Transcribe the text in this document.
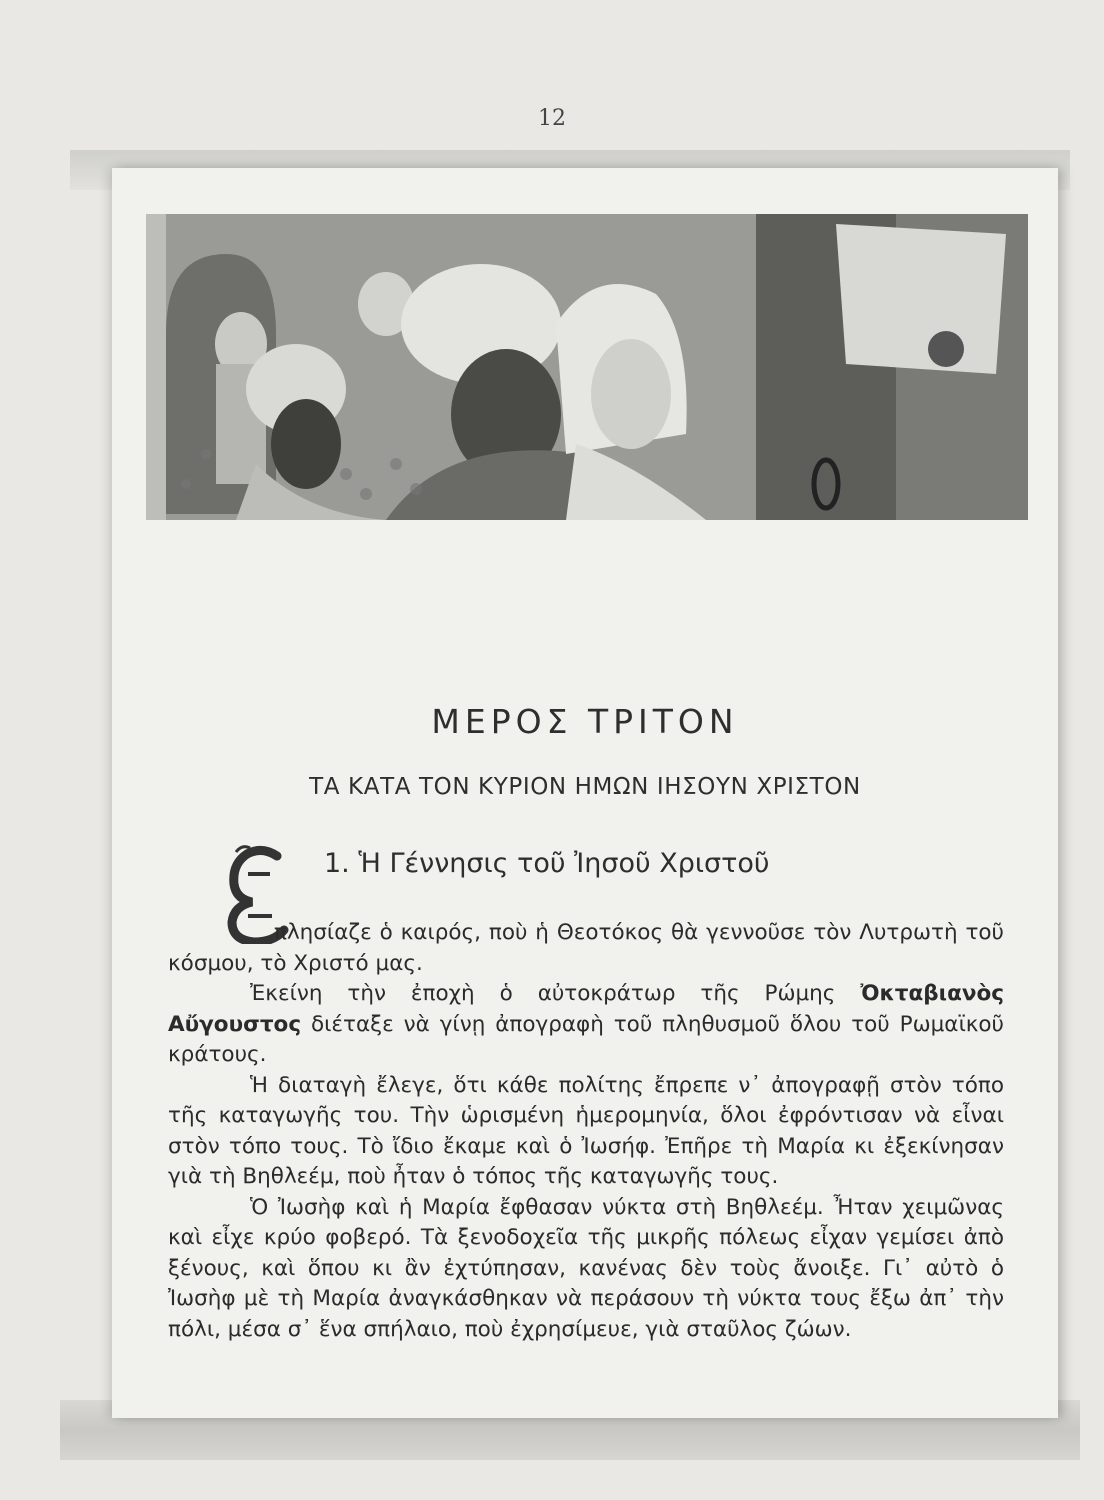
12
ΜΕΡΟΣ ΤΡΙΤΟΝ
ΤΑ ΚΑΤΑ ΤΟΝ ΚΥΡΙΟΝ ΗΜΩΝ ΙΗΣΟΥΝ ΧΡΙΣΤΟΝ
1. Ἡ Γέννησις τοῦ Ἰησοῦ Χριστοῦ

πλησίαζε ὁ καιρός, ποὺ ἡ Θεοτόκος θὰ γεννοῦσε τὸν Λυτρωτὴ τοῦ κόσμου, τὸ Χριστό μας.

Ἐκείνη τὴν ἐποχὴ ὁ αὐτοκράτωρ τῆς Ρώμης Ὀκταβιανὸς Αὔγουστος διέταξε νὰ γίνῃ ἀπογραφὴ τοῦ πληθυσμοῦ ὅλου τοῦ Ρωμαϊκοῦ κράτους.

Ἡ διαταγὴ ἔλεγε, ὅτι κάθε πολίτης ἔπρεπε ν᾽ ἀπογραφῇ στὸν τόπο τῆς καταγωγῆς του. Τὴν ὡρισμένη ἡμερομηνία, ὅλοι ἐφρόντισαν νὰ εἶναι στὸν τόπο τους. Τὸ ἴδιο ἔκαμε καὶ ὁ Ἰωσήφ. Ἐπῆρε τὴ Μαρία κι ἐξεκίνησαν γιὰ τὴ Βηθλεέμ, ποὺ ἦταν ὁ τόπος τῆς καταγωγῆς τους.

Ὁ Ἰωσὴφ καὶ ἡ Μαρία ἔφθασαν νύκτα στὴ Βηθλεέμ. Ἦταν χειμῶνας καὶ εἶχε κρύο φοβερό. Τὰ ξενοδοχεῖα τῆς μικρῆς πόλεως εἶχαν γεμίσει ἀπὸ ξένους, καὶ ὅπου κι ἂν ἐχτύπησαν, κανένας δὲν τοὺς ἄνοιξε. Γι᾽ αὐτὸ ὁ Ἰωσὴφ μὲ τὴ Μαρία ἀναγκάσθηκαν νὰ περάσουν τὴ νύκτα τους ἔξω ἀπ᾽ τὴν πόλι, μέσα σ᾽ ἕνα σπήλαιο, ποὺ ἐχρησίμευε, γιὰ σταῦλος ζώων.
